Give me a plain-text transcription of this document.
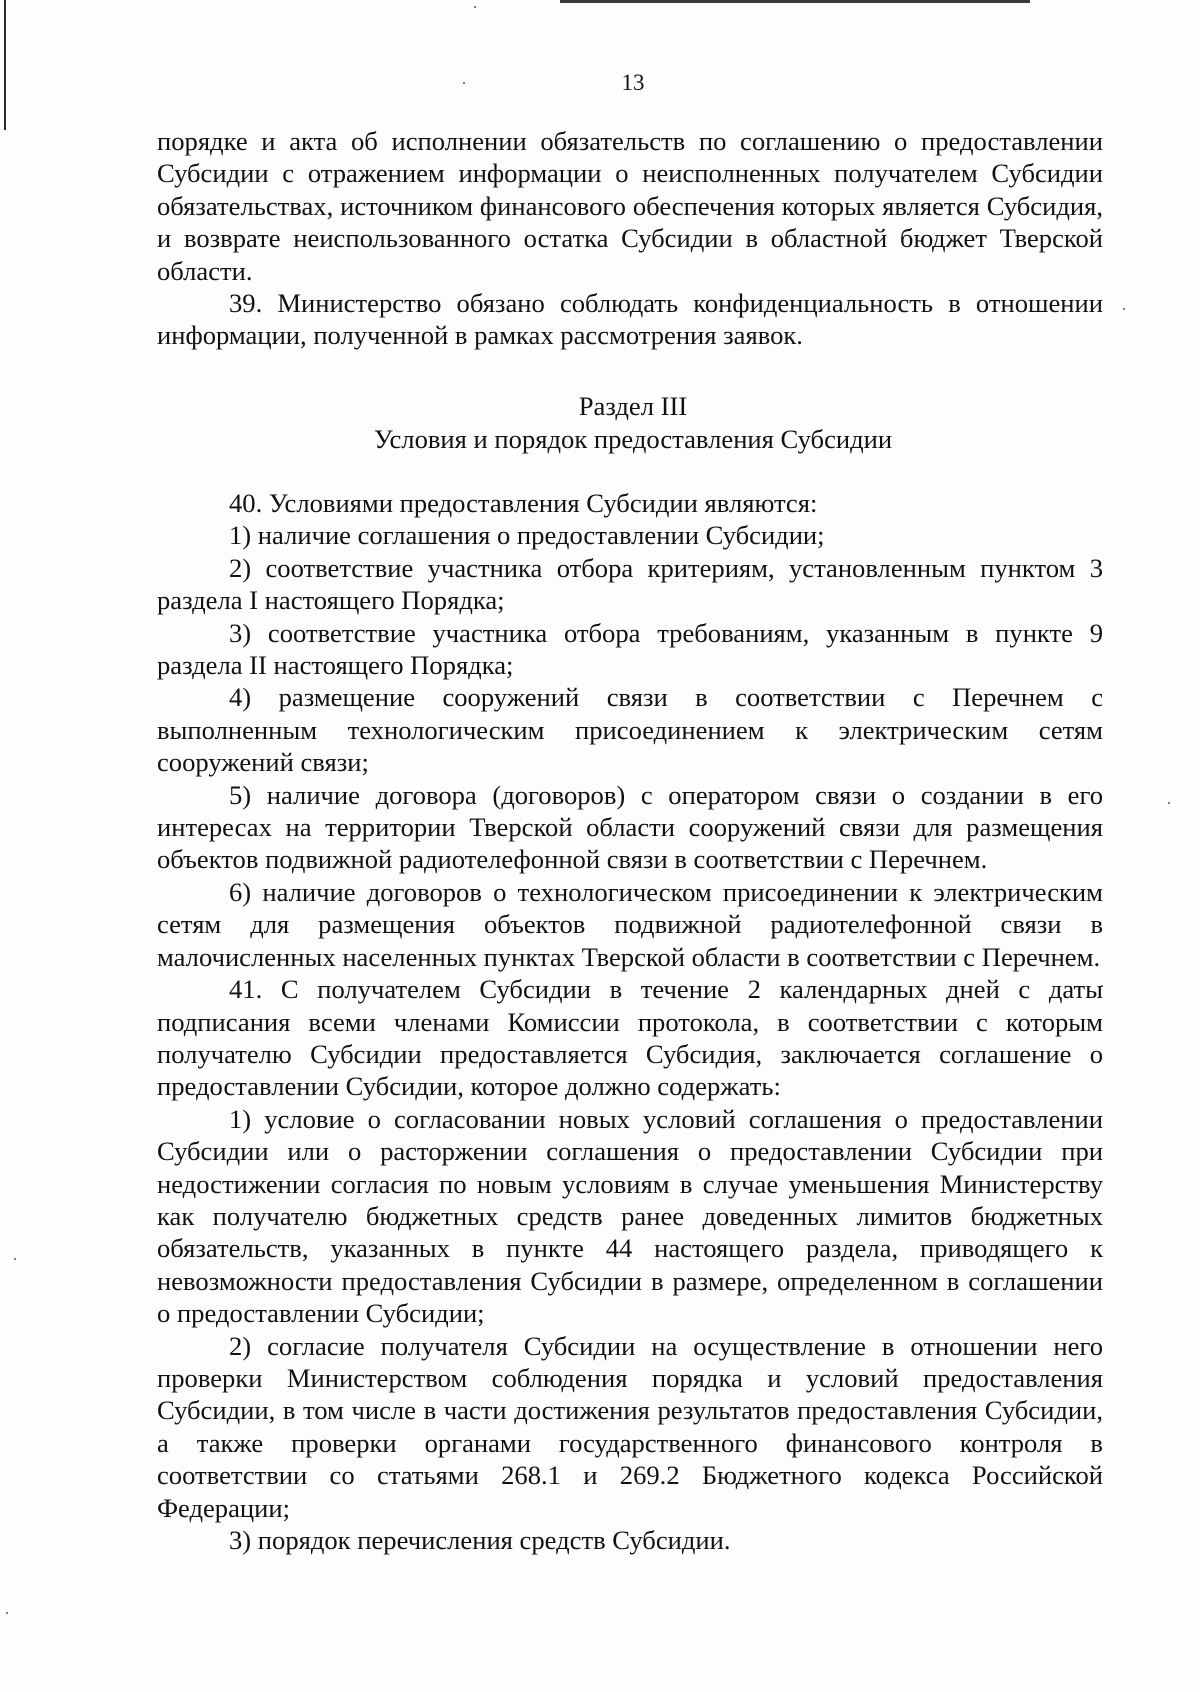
13

порядке и акта об исполнении обязательств по соглашению о предоставлении Субсидии с отражением информации о неисполненных получателем Субсидии обязательствах, источником финансового обеспечения которых является Субсидия, и возврате неиспользованного остатка Субсидии в областной бюджет Тверской области.

39. Министерство обязано соблюдать конфиденциальность в отношении информации, полученной в рамках рассмотрения заявок.

Раздел III
Условия и порядок предоставления Субсидии

40. Условиями предоставления Субсидии являются:

1) наличие соглашения о предоставлении Субсидии;

2) соответствие участника отбора критериям, установленным пунктом 3 раздела I настоящего Порядка;

3) соответствие участника отбора требованиям, указанным в пункте 9 раздела II настоящего Порядка;

4) размещение сооружений связи в соответствии с Перечнем с выполненным технологическим присоединением к электрическим сетям сооружений связи;

5) наличие договора (договоров) с оператором связи о создании в его интересах на территории Тверской области сооружений связи для размещения объектов подвижной радиотелефонной связи в соответствии с Перечнем.

6) наличие договоров о технологическом присоединении к электрическим сетям для размещения объектов подвижной радиотелефонной связи в малочисленных населенных пунктах Тверской области в соответствии с Перечнем.

41. С получателем Субсидии в течение 2 календарных дней с даты подписания всеми членами Комиссии протокола, в соответствии с которым получателю Субсидии предоставляется Субсидия, заключается соглашение о предоставлении Субсидии, которое должно содержать:

1) условие о согласовании новых условий соглашения о предоставлении Субсидии или о расторжении соглашения о предоставлении Субсидии при недостижении согласия по новым условиям в случае уменьшения Министерству как получателю бюджетных средств ранее доведенных лимитов бюджетных обязательств, указанных в пункте 44 настоящего раздела, приводящего к невозможности предоставления Субсидии в размере, определенном в соглашении о предоставлении Субсидии;

2) согласие получателя Субсидии на осуществление в отношении него проверки Министерством соблюдения порядка и условий предоставления Субсидии, в том числе в части достижения результатов предоставления Субсидии, а также проверки органами государственного финансового контроля в соответствии со статьями 268.1 и 269.2 Бюджетного кодекса Российской Федерации;

3) порядок перечисления средств Субсидии.
